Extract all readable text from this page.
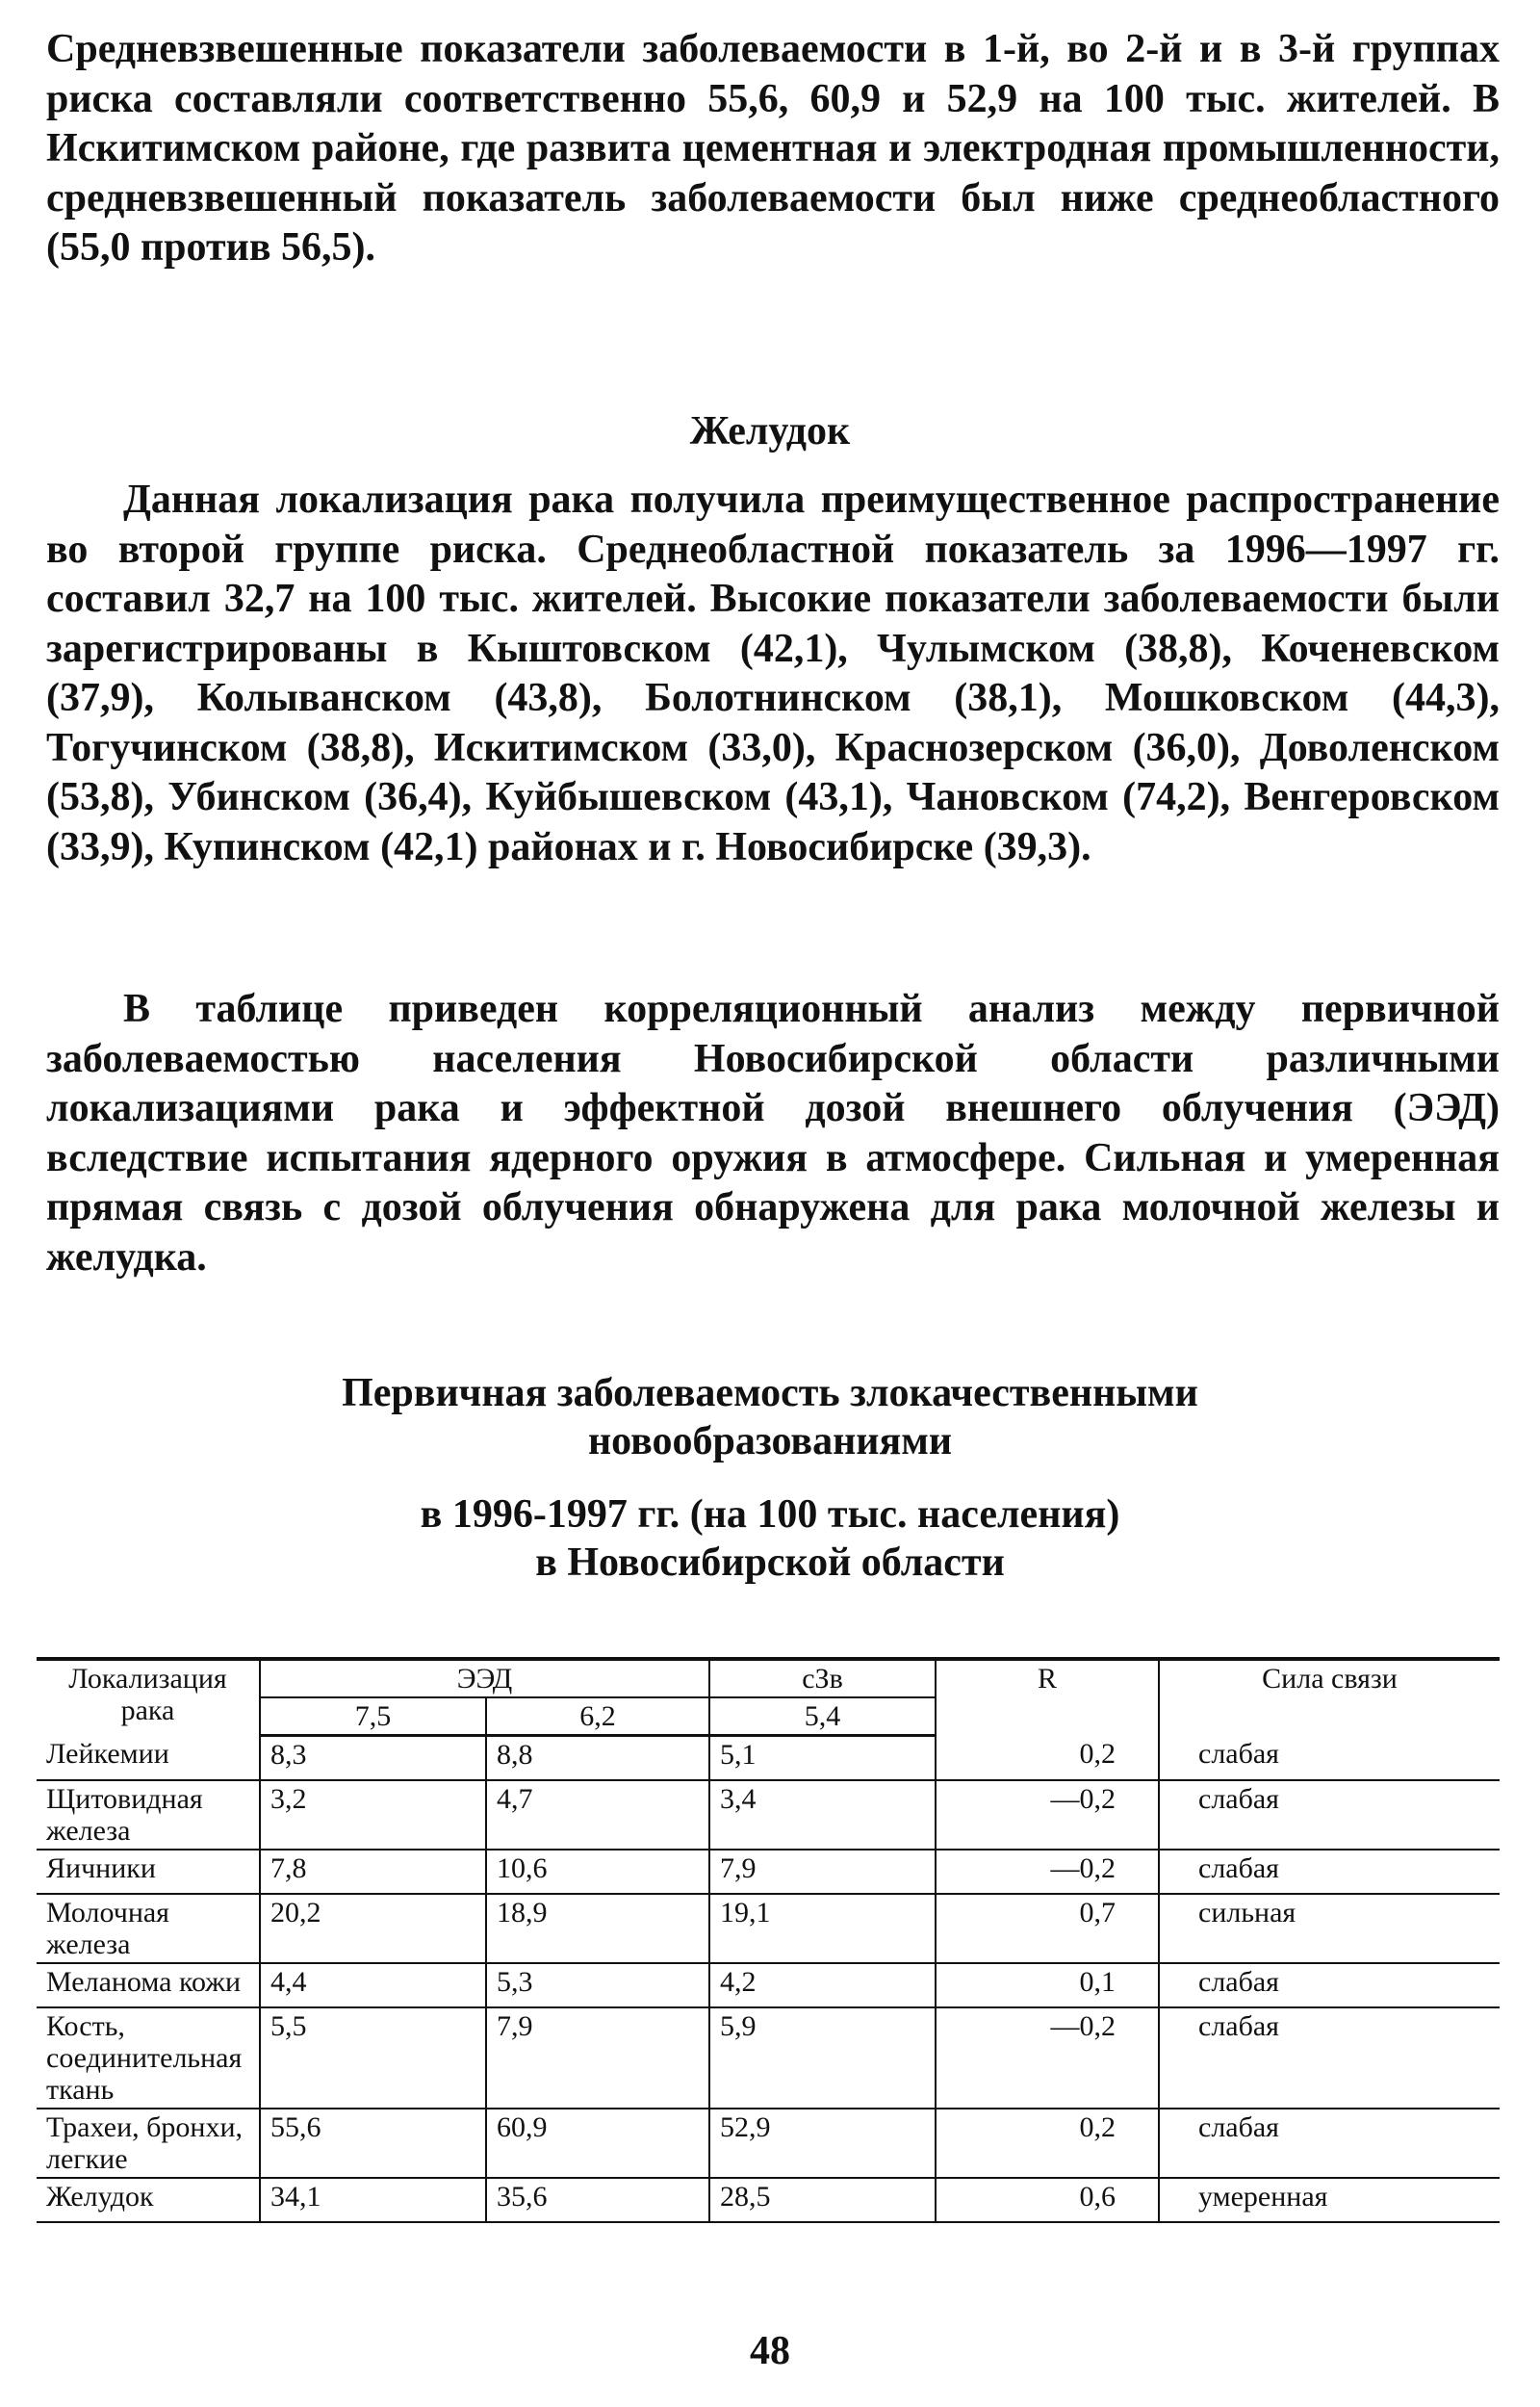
Средневзвешенные показатели заболеваемости в 1-й, во 2-й и в 3-й группах риска составляли соответственно 55,6, 60,9 и 52,9 на 100 тыс. жителей. В Искитимском районе, где развита цементная и электродная промышленности, средневзвешенный показатель заболеваемости был ниже среднеобластного (55,0 против 56,5).

Желудок

Данная локализация рака получила преимущественное распространение во второй группе риска. Среднеобластной показатель за 1996—1997 гг. составил 32,7 на 100 тыс. жителей. Высокие показатели заболеваемости были зарегистрированы в Кыштовском (42,1), Чулымском (38,8), Коченевском (37,9), Колыванском (43,8), Болотнинском (38,1), Мошковском (44,3), Тогучинском (38,8), Искитимском (33,0), Краснозерском (36,0), Доволенском (53,8), Убинском (36,4), Куйбышевском (43,1), Чановском (74,2), Венгеровском (33,9), Купинском (42,1) районах и г. Новосибирске (39,3).

В таблице приведен корреляционный анализ между первичной заболеваемостью населения Новосибирской области различными локализациями рака и эффектной дозой внешнего облучения (ЭЭД) вследствие испытания ядерного оружия в атмосфере. Сильная и умеренная прямая связь с дозой облучения обнаружена для рака молочной железы и желудка.

Первичная заболеваемость злокачественными
новообразованиями
в 1996-1997 гг. (на 100 тыс. населения)
в Новосибирской области
Локализация рака	ЭЭД		сЗв	R	Сила связи
	7,5	6,2	5,4		
Лейкемии	8,3	8,8	5,1	0,2	слабая
Щитовидная железа	3,2	4,7	3,4	—0,2	слабая
Яичники	7,8	10,6	7,9	—0,2	слабая
Молочная железа	20,2	18,9	19,1	0,7	сильная
Меланома кожи	4,4	5,3	4,2	0,1	слабая
Кость, соединительная ткань	5,5	7,9	5,9	—0,2	слабая
Трахеи, бронхи, легкие	55,6	60,9	52,9	0,2	слабая
Желудок	34,1	35,6	28,5	0,6	умеренная
48
